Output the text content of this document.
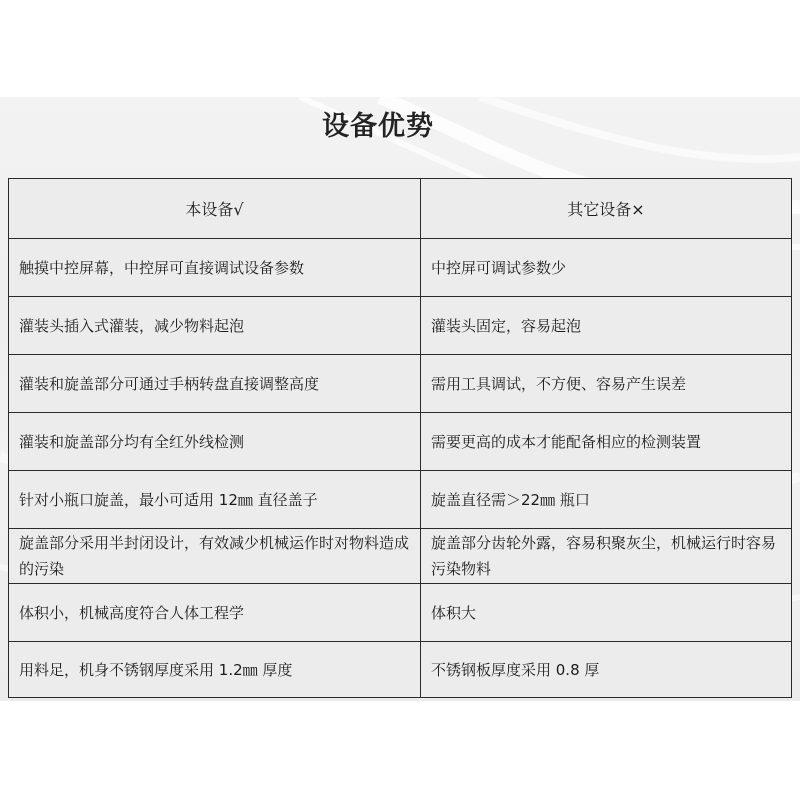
设备优势
本设备√	其它设备×
触摸中控屏幕，中控屏可直接调试设备参数	中控屏可调试参数少
灌装头插入式灌装，减少物料起泡	灌装头固定，容易起泡
灌装和旋盖部分可通过手柄转盘直接调整高度	需用工具调试，不方便、容易产生误差
灌装和旋盖部分均有全红外线检测	需要更高的成本才能配备相应的检测装置
针对小瓶口旋盖，最小可适用 12㎜ 直径盖子	旋盖直径需＞22㎜ 瓶口
旋盖部分采用半封闭设计，有效减少机械运作时对物料造成的污染	旋盖部分齿轮外露，容易积聚灰尘，机械运行时容易污染物料
体积小，机械高度符合人体工程学	体积大
用料足，机身不锈钢厚度采用 1.2㎜ 厚度	不锈钢板厚度采用 0.8 厚
